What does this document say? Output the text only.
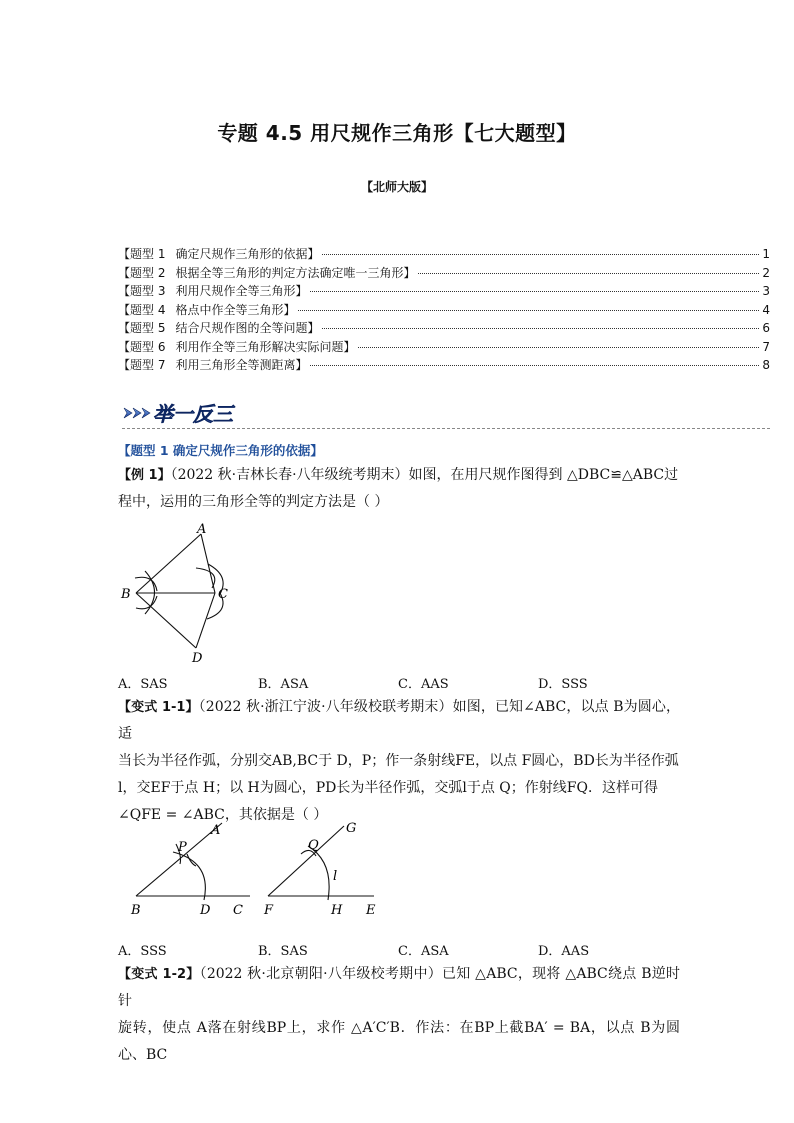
专题 4.5 用尺规作三角形【七大题型】
【北师大版】
【题型 1 确定尺规作三角形的依据】	1
【题型 2 根据全等三角形的判定方法确定唯一三角形】	2
【题型 3 利用尺规作全等三角形】	3
【题型 4 格点中作全等三角形】	4
【题型 5 结合尺规作图的全等问题】	6
【题型 6 利用作全等三角形解决实际问题】	7
【题型 7 利用三角形全等测距离】	8
举一反三
【题型 1 确定尺规作三角形的依据】
【例 1】（2022 秋·吉林长春·八年级统考期末）如图，在用尺规作图得到 △DBC≌△ABC过
程中，运用的三角形全等的判定方法是（ ）
A
B	C
D
A．SAS	B．ASA	C．AAS	D．SSS
【变式 1-1】（2022 秋·浙江宁波·八年级校联考期末）如图，已知∠ABC，以点 B为圆心，适
当长为半径作弧，分别交AB,BC于 D，P；作一条射线FE，以点 F圆心，BD长为半径作弧
l，交EF于点 H；以 H为圆心，PD长为半径作弧，交弧l于点 Q；作射线FQ．这样可得
∠QFE = ∠ABC，其依据是（ ）
A
P
B	D C
G
Q
l
F	H E
A．SSS	B．SAS	C．ASA	D．AAS
【变式 1-2】（2022 秋·北京朝阳·八年级校考期中）已知 △ABC，现将 △ABC绕点 B逆时针
旋转，使点 A落在射线BP上，求作 △A′C′B．作法：在BP上截BA′ = BA，以点 B为圆心、BC
